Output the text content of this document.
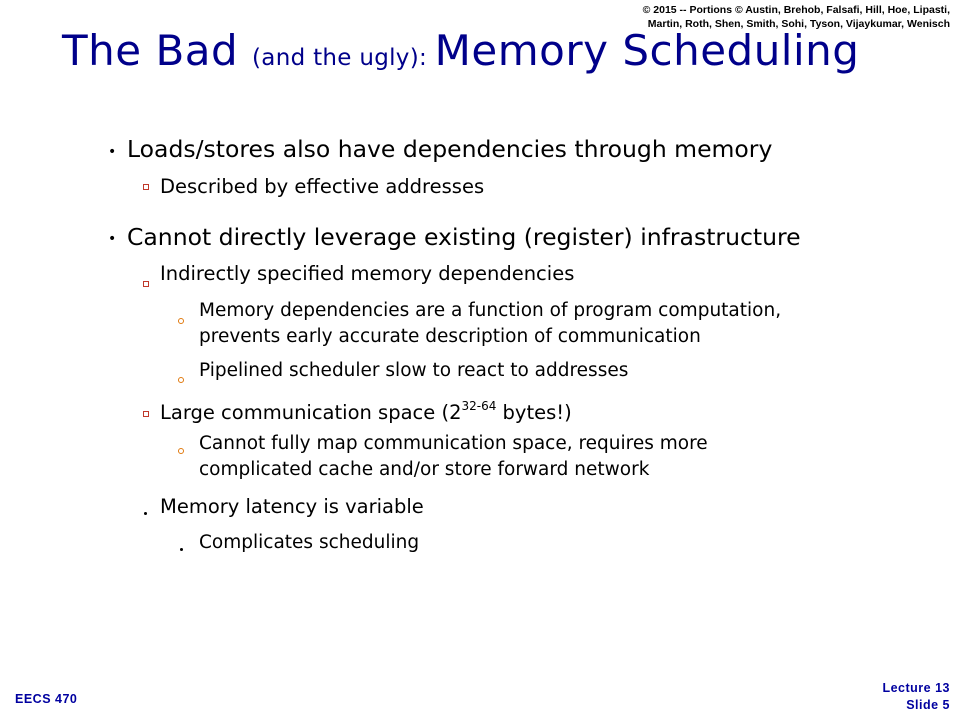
© 2015 -- Portions © Austin, Brehob, Falsafi, Hill, Hoe, Lipasti,
Martin, Roth, Shen, Smith, Sohi, Tyson, Vijaykumar, Wenisch
The Bad (and the ugly): Memory Scheduling
• Loads/stores also have dependencies through memory
Described by effective addresses
• Cannot directly leverage existing (register) infrastructure
Indirectly specified memory dependencies
Memory dependencies are a function of program computation,
prevents early accurate description of communication
Pipelined scheduler slow to react to addresses
Large communication space (2$^{32-64}$ bytes!)
Cannot fully map communication space, requires more
complicated cache and/or store forward network
Memory latency is variable
Complicates scheduling
EECS 470
Lecture 13
Slide 5
